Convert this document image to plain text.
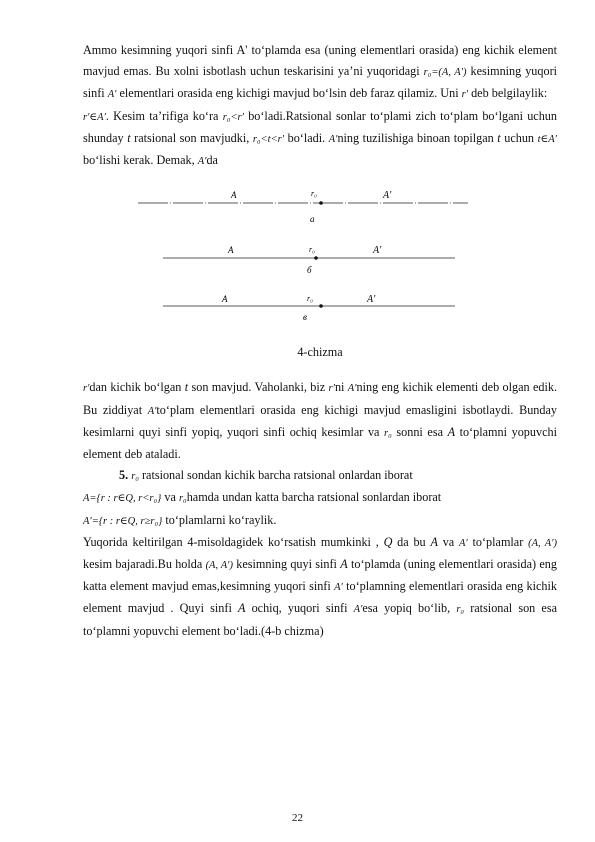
Ammo kesimning yuqori sinfi A' to‘plamda esa (uning elementlari orasida) eng kichik element mavjud emas. Bu xolni isbotlash uchun teskarisini ya’ni yuqoridagi r₀=(A, A′) kesimning yuqori sinfi A′ elementlari orasida eng kichigi mavjud bo‘lsin deb faraz qilamiz. Uni r′ deb belgilaylik:

r′∈A′. Kesim ta’rifiga ko‘ra r₀<r′ bo‘ladi.Ratsional sonlar to‘plami zich to‘plam bo‘lgani uchun shunday t ratsional son mavjudki, r₀<t<r′ bo‘ladi. A′ning tuzilishiga binoan topilgan t uchun t∈A′ bo‘lishi kerak. Demak, A′da

A	r₀	A′
a
A	r₀	A′
б
A	r₀	A′
в

4-chizma

r′dan kichik bo‘lgan t son mavjud. Vaholanki, biz r′ni A′ning eng kichik elementi deb olgan edik. Bu ziddiyat A′to‘plam elementlari orasida eng kichigi mavjud emasligini isbotlaydi. Bunday kesimlarni quyi sinfi yopiq, yuqori sinfi ochiq kesimlar va r₀ sonni esa A to‘plamni yopuvchi element deb ataladi.

5. r₀ ratsional sondan kichik barcha ratsional onlardan iborat

A={r : r∈Q, r<r₀} va r₀hamda undan katta barcha ratsional sonlardan iborat
A′={r : r∈Q, r≥r₀} to‘plamlarni ko‘raylik.

Yuqorida keltirilgan 4-misoldagidek ko‘rsatish mumkinki , Q da bu A va A′ to‘plamlar (A, A′) kesim bajaradi.Bu holda (A, A′) kesimning quyi sinfi A to‘plamda (uning elementlari orasida) eng katta element mavjud emas,kesimning yuqori sinfi A′ to‘plamning elementlari orasida eng kichik element mavjud . Quyi sinfi A ochiq, yuqori sinfi A′esa yopiq bo‘lib, r₀ ratsional son esa to‘plamni yopuvchi element bo‘ladi.(4-b chizma)

22
